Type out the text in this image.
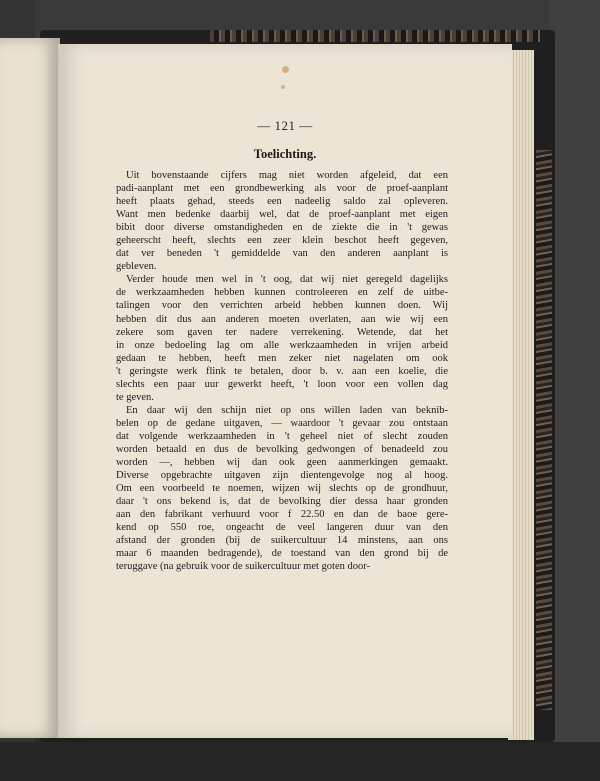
— 121 —
Toelichting.
Uit bovenstaande cijfers mag niet worden afgeleid, dat een
padi-aanplant met een grondbewerking als voor de proef-aanplant
heeft plaats gehad, steeds een nadeelig saldo zal opleveren.
Want men bedenke daarbij wel, dat de proef-aanplant met eigen
bibit door diverse omstandigheden en de ziekte die in 't gewas
geheerscht heeft, slechts een zeer klein beschot heeft gegeven,
dat ver beneden 't gemiddelde van den anderen aanplant is
gebleven.
Verder houde men wel in 't oog, dat wij niet geregeld dagelijks
de werkzaamheden hebben kunnen controleeren en zelf de uitbe-
talingen voor den verrichten arbeid hebben kunnen doen. Wij
hebben dit dus aan anderen moeten overlaten, aan wie wij een
zekere som gaven ter nadere verrekening. Wetende, dat het
in onze bedoeling lag om alle werkzaamheden in vrijen arbeid
gedaan te hebben, heeft men zeker niet nagelaten om ook
't geringste werk flink te betalen, door b. v. aan een koelie, die
slechts een paar uur gewerkt heeft, 't loon voor een vollen dag
te geven.
En daar wij den schijn niet op ons willen laden van beknib-
belen op de gedane uitgaven, — waardoor 't gevaar zou ontstaan
dat volgende werkzaamheden in 't geheel niet of slecht zouden
worden betaald en dus de bevolking gedwongen of benadeeld zou
worden —, hebben wij dan ook geen aanmerkingen gemaakt.
Diverse opgebrachte uitgaven zijn dientengevolge nog al hoog.
Om een voorbeeld te noemen, wijzen wij slechts op de grondhuur,
daar 't ons bekend is, dat de bevolking dier dessa haar gronden
aan den fabrikant verhuurd voor f 22.50 en dan de baoe gere-
kend op 550 roe, ongeacht de veel langeren duur van den
afstand der gronden (bij de suikercultuur 14 minstens, aan ons
maar 6 maanden bedragende), de toestand van den grond bij de
teruggave (na gebruik voor de suikercultuur met goten door-
